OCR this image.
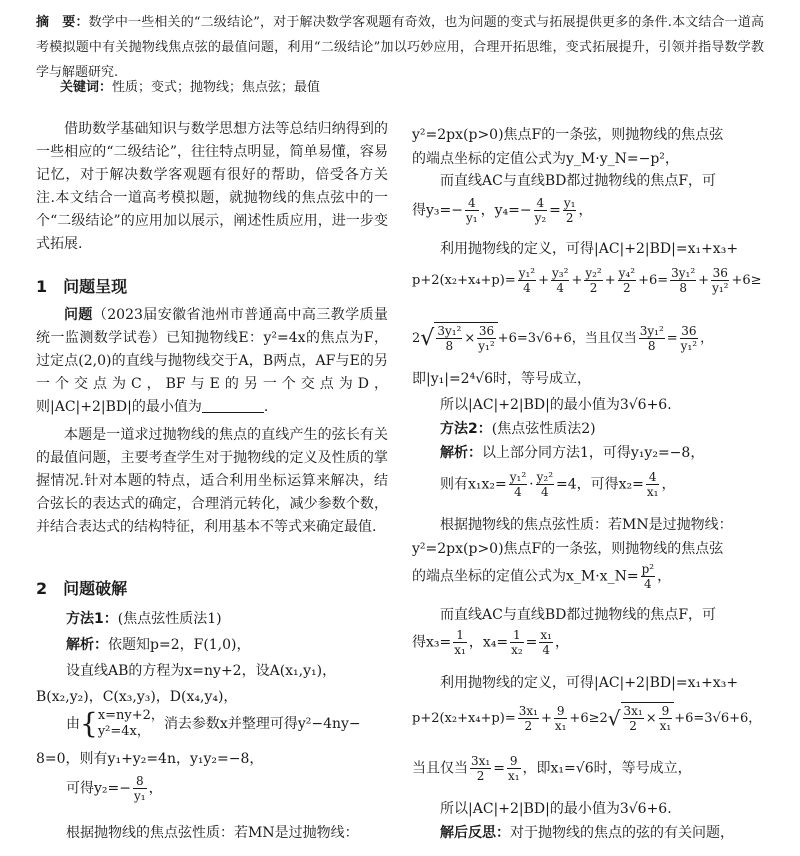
摘　要：数学中一些相关的“二级结论”，对于解决数学客观题有奇效，也为问题的变式与拓展提供更多的条件.本文结合一道高考模拟题中有关抛物线焦点弦的最值问题，利用“二级结论”加以巧妙应用，合理开拓思维，变式拓展提升，引领并指导数学教学与解题研究.
关键词：性质；变式；抛物线；焦点弦；最值

借助数学基础知识与数学思想方法等总结归纳得到的一些相应的“二级结论”，往往特点明显，简单易懂，容易记忆，对于解决数学客观题有很好的帮助，倍受各方关注.本文结合一道高考模拟题，就抛物线的焦点弦中的一个“二级结论”的应用加以展示，阐述性质应用，进一步变式拓展.

1　问题呈现

问题（2023届安徽省池州市普通高中高三教学质量统一监测数学试卷）已知抛物线E：y²=4x的焦点为F，过定点(2,0)的直线与抛物线交于A，B两点，AF与E的另一个交点为C，BF与E的另一个交点为D，则|AC|+2|BD|的最小值为	.

本题是一道求过抛物线的焦点的直线产生的弦长有关的最值问题，主要考查学生对于抛物线的定义及性质的掌握情况.针对本题的特点，适合利用坐标运算来解决，结合弦长的表达式的确定，合理消元转化，减少参数个数，并结合表达式的结构特征，利用基本不等式来确定最值.

2　问题破解
方法1：(焦点弦性质法1)
解析：依题知p=2，F(1,0)，
设直线AB的方程为x=ny+2，设A(x₁,y₁)，
B(x₂,y₂)，C(x₃,y₃)，D(x₄,y₄)，
由{ x=ny+2，
y²=4x，	消去参数x并整理可得y²−4ny−
8=0，则有y₁+y₂=4n，y₁y₂=−8，
可得$y_2=- \frac{8}{\text{y₁}}$ ，
根据抛物线的焦点弦性质：若MN是过抛物线：
y²=2px(p>0)焦点F的一条弦，则抛物线的焦点弦
的端点坐标的定值公式为y_M·y_N=−p²，
而直线AC与直线BD都过抛物线的焦点F，可
得$y_3=- \frac{4}{\text{y₁}}$ ，$y_4=- \frac{4}{\text{y₂}} = \frac{\text{y₁}}{2}$ ，
利用抛物线的定义，可得|AC|+2|BD|=x₁+x₃+
$p+2(x_2+x_4+p)= \frac{\text{y₁²}}{4} + \frac{\text{y₃²}}{4} + \frac{\text{y₂²}}{2} + \frac{\text{y₄²}}{2} +6= \frac{\text{3y₁²}}{8} + \frac{36}{\text{y₁²}} +6\ge$
$2√ \frac{\text{3y₁²}}{8} \times \frac{36}{\text{y₁²}} +6=3√6+6$，当且仅当 $\frac{\text{3y₁²}}{8} = \frac{36}{\text{y₁²}}$ ，
即|y₁|=2⁴√6时，等号成立，
所以|AC|+2|BD|的最小值为3√6+6.
方法2：(焦点弦性质法2)
解析：以上部分同方法1，可得y₁y₂=−8，
则有$x_1x_2= \frac{\text{y₁²}}{4} \cdot \frac{\text{y₂²}}{4} =4$，可得$x_2= \frac{4}{\text{x₁}}$ ，
根据抛物线的焦点弦性质：若MN是过抛物线：
y²=2px(p>0)焦点F的一条弦，则抛物线的焦点弦
的端点坐标的定值公式为x_M·x_N= $\frac{\text{p²}}{4}$ ，
而直线AC与直线BD都过抛物线的焦点F，可
得$x_3= \frac{1}{\text{x₁}}$ ，$x_4= \frac{1}{\text{x₂}} = \frac{\text{x₁}}{4}$ ，
利用抛物线的定义，可得|AC|+2|BD|=x₁+x₃+
$p+2(x_2+x_4+p)= \frac{\text{3x₁}}{2} + \frac{9}{\text{x₁}} +6\ge 2√ \frac{\text{3x₁}}{2} \times \frac{9}{\text{x₁}} +6=3√6+6$，
当且仅当 $\frac{\text{3x₁}}{2} = \frac{9}{\text{x₁}}$ ，即x₁=√6时，等号成立，
所以|AC|+2|BD|的最小值为3√6+6.
解后反思：对于抛物线的焦点的弦的有关问题，
